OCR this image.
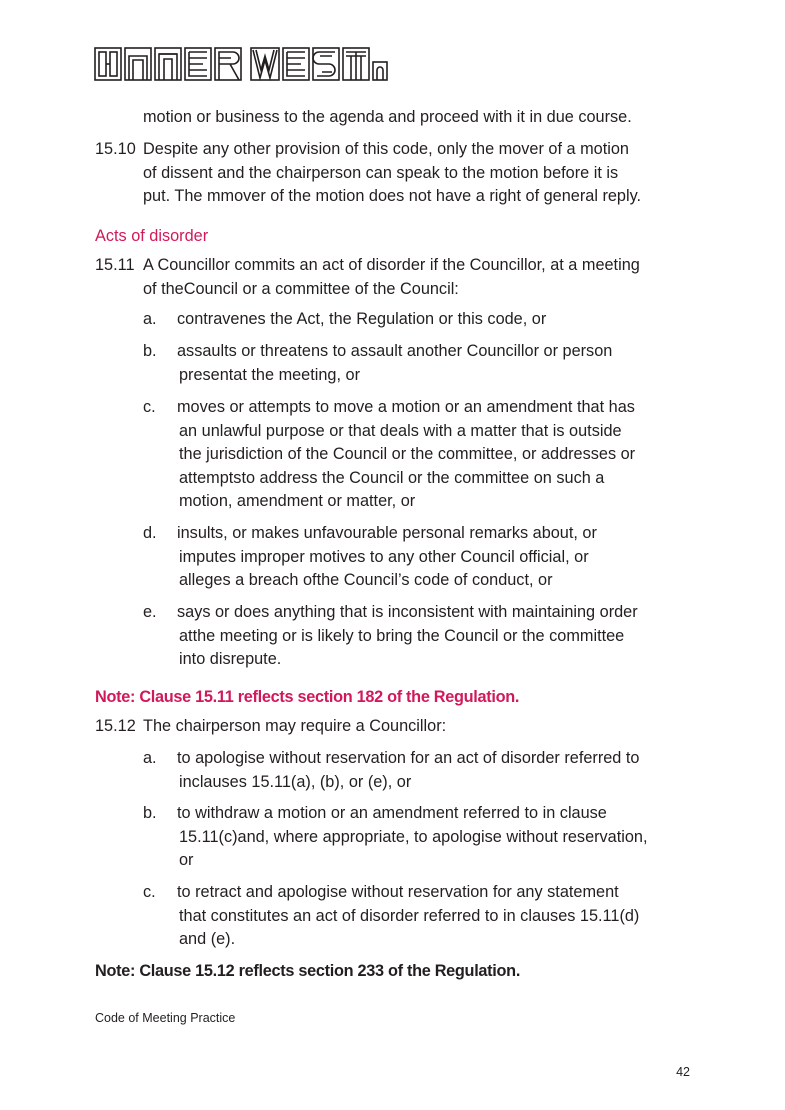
motion or business to the agenda and proceed with it in due course.

15.10 Despite any other provision of this code, only the mover of a motion
of dissent and the chairperson can speak to the motion before it is
put. The mmover of the motion does not have a right of general reply.
Acts of disorder
15.11 A Councillor commits an act of disorder if the Councillor, at a meeting
of theCouncil or a committee of the Council:
a. contravenes the Act, the Regulation or this code, or
b. assaults or threatens to assault another Councillor or person
presentat the meeting, or
c. moves or attempts to move a motion or an amendment that has
an unlawful purpose or that deals with a matter that is outside
the jurisdiction of the Council or the committee, or addresses or
attemptsto address the Council or the committee on such a
motion, amendment or matter, or
d. insults, or makes unfavourable personal remarks about, or
imputes improper motives to any other Council official, or
alleges a breach ofthe Council’s code of conduct, or
e. says or does anything that is inconsistent with maintaining order
atthe meeting or is likely to bring the Council or the committee
into disrepute.

Note: Clause 15.11 reflects section 182 of the Regulation.

15.12 The chairperson may require a Councillor:
a. to apologise without reservation for an act of disorder referred to
inclauses 15.11(a), (b), or (e), or
b. to withdraw a motion or an amendment referred to in clause
15.11(c)and, where appropriate, to apologise without reservation,
or
c. to retract and apologise without reservation for any statement
that constitutes an act of disorder referred to in clauses 15.11(d)
and (e).

Note: Clause 15.12 reflects section 233 of the Regulation.

Code of Meeting Practice
42
